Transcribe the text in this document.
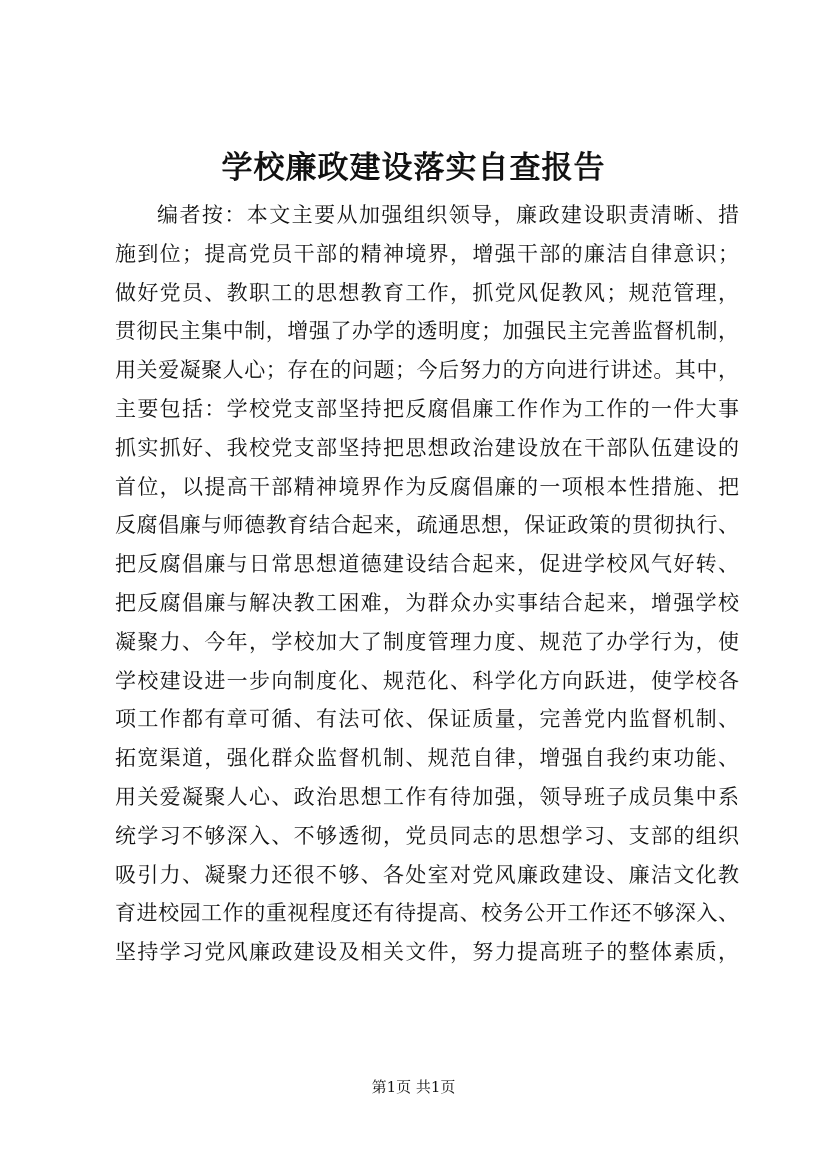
学校廉政建设落实自查报告
编者按：本文主要从加强组织领导，廉政建设职责清晰、措
施到位；提高党员干部的精神境界，增强干部的廉洁自律意识；
做好党员、教职工的思想教育工作，抓党风促教风；规范管理，
贯彻民主集中制，增强了办学的透明度；加强民主完善监督机制，
用关爱凝聚人心；存在的问题；今后努力的方向进行讲述。其中，
主要包括：学校党支部坚持把反腐倡廉工作作为工作的一件大事
抓实抓好、我校党支部坚持把思想政治建设放在干部队伍建设的
首位，以提高干部精神境界作为反腐倡廉的一项根本性措施、把
反腐倡廉与师德教育结合起来，疏通思想，保证政策的贯彻执行、
把反腐倡廉与日常思想道德建设结合起来，促进学校风气好转、
把反腐倡廉与解决教工困难，为群众办实事结合起来，增强学校
凝聚力、今年，学校加大了制度管理力度、规范了办学行为，使
学校建设进一步向制度化、规范化、科学化方向跃进，使学校各
项工作都有章可循、有法可依、保证质量，完善党内监督机制、
拓宽渠道，强化群众监督机制、规范自律，增强自我约束功能、
用关爱凝聚人心、政治思想工作有待加强，领导班子成员集中系
统学习不够深入、不够透彻，党员同志的思想学习、支部的组织
吸引力、凝聚力还很不够、各处室对党风廉政建设、廉洁文化教
育进校园工作的重视程度还有待提高、校务公开工作还不够深入、
坚持学习党风廉政建设及相关文件，努力提高班子的整体素质，
第1页 共1页
